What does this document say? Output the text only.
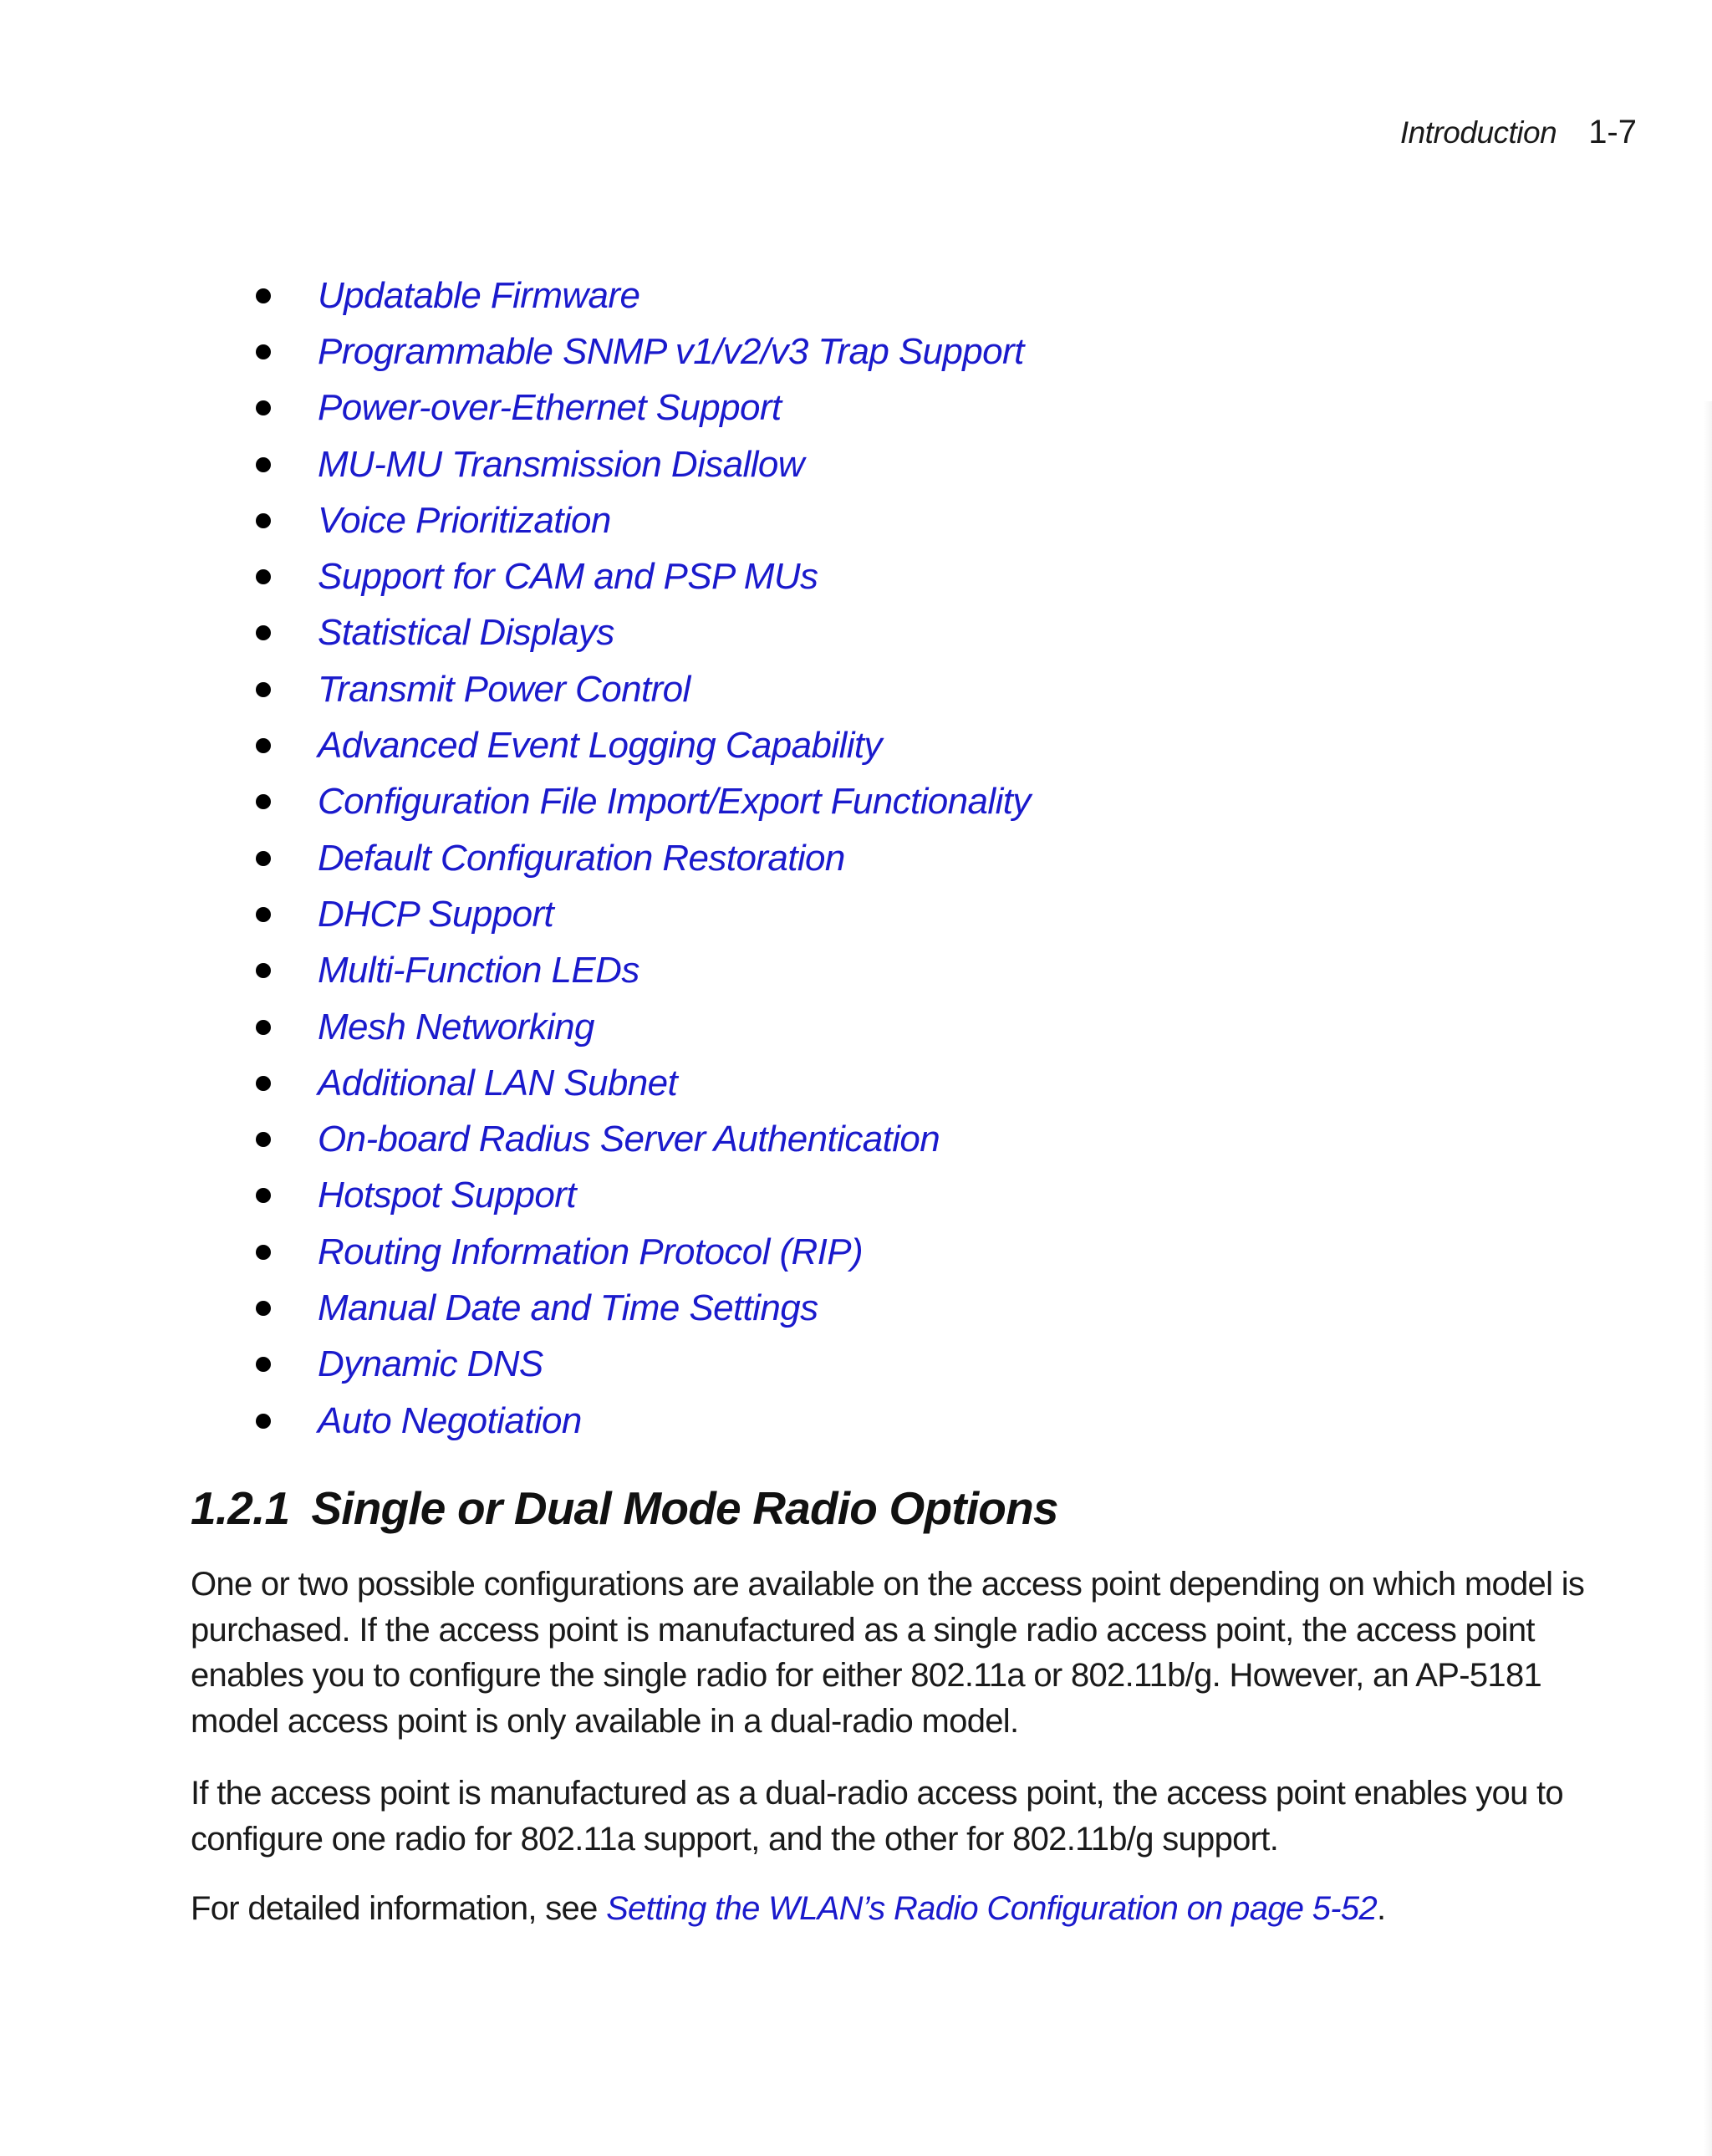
Introduction 1-7
Updatable Firmware
Programmable SNMP v1/v2/v3 Trap Support
Power-over-Ethernet Support
MU-MU Transmission Disallow
Voice Prioritization
Support for CAM and PSP MUs
Statistical Displays
Transmit Power Control
Advanced Event Logging Capability
Configuration File Import/Export Functionality
Default Configuration Restoration
DHCP Support
Multi-Function LEDs
Mesh Networking
Additional LAN Subnet
On-board Radius Server Authentication
Hotspot Support
Routing Information Protocol (RIP)
Manual Date and Time Settings
Dynamic DNS
Auto Negotiation
1.2.1 Single or Dual Mode Radio Options

One or two possible configurations are available on the access point depending on which model is purchased. If the access point is manufactured as a single radio access point, the access point enables you to configure the single radio for either 802.11a or 802.11b/g. However, an AP-5181 model access point is only available in a dual-radio model.

If the access point is manufactured as a dual-radio access point, the access point enables you to configure one radio for 802.11a support, and the other for 802.11b/g support.

For detailed information, see Setting the WLAN’s Radio Configuration on page 5-52.
